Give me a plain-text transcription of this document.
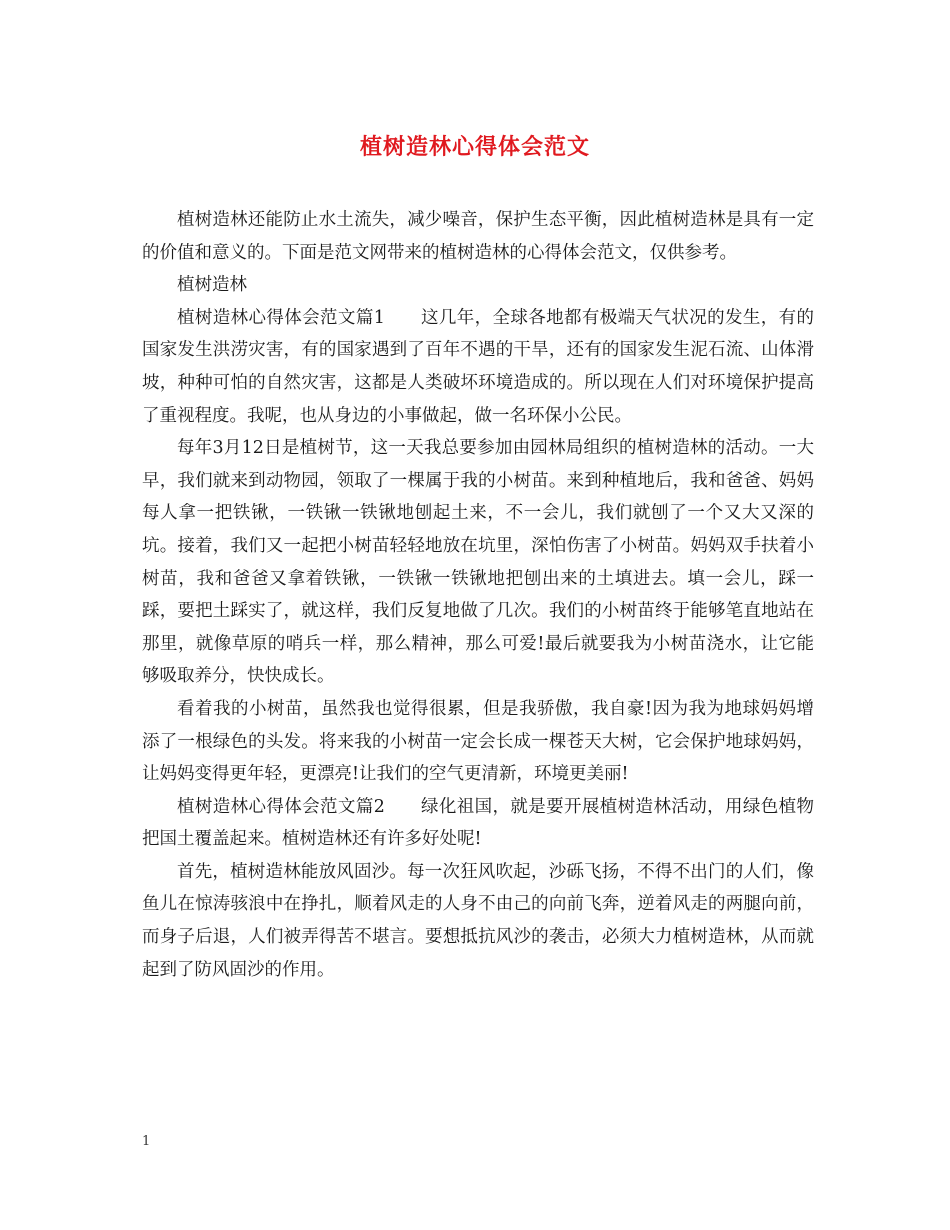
植树造林心得体会范文

植树造林还能防止水土流失，减少噪音，保护生态平衡，因此植树造林是具有一定的价值和意义的。下面是范文网带来的植树造林的心得体会范文，仅供参考。

植树造林

植树造林心得体会范文篇1　　这几年，全球各地都有极端天气状况的发生，有的国家发生洪涝灾害，有的国家遇到了百年不遇的干旱，还有的国家发生泥石流、山体滑坡，种种可怕的自然灾害，这都是人类破坏环境造成的。所以现在人们对环境保护提高了重视程度。我呢，也从身边的小事做起，做一名环保小公民。

每年3月12日是植树节，这一天我总要参加由园林局组织的植树造林的活动。一大早，我们就来到动物园，领取了一棵属于我的小树苗。来到种植地后，我和爸爸、妈妈每人拿一把铁锹，一铁锹一铁锹地刨起土来，不一会儿，我们就刨了一个又大又深的坑。接着，我们又一起把小树苗轻轻地放在坑里，深怕伤害了小树苗。妈妈双手扶着小树苗，我和爸爸又拿着铁锹，一铁锹一铁锹地把刨出来的土填进去。填一会儿，踩一踩，要把土踩实了，就这样，我们反复地做了几次。我们的小树苗终于能够笔直地站在那里，就像草原的哨兵一样，那么精神，那么可爱!最后就要我为小树苗浇水，让它能够吸取养分，快快成长。

看着我的小树苗，虽然我也觉得很累，但是我骄傲，我自豪!因为我为地球妈妈增添了一根绿色的头发。将来我的小树苗一定会长成一棵苍天大树，它会保护地球妈妈，让妈妈变得更年轻，更漂亮!让我们的空气更清新，环境更美丽!

植树造林心得体会范文篇2　　绿化祖国，就是要开展植树造林活动，用绿色植物把国土覆盖起来。植树造林还有许多好处呢!

首先，植树造林能放风固沙。每一次狂风吹起，沙砾飞扬，不得不出门的人们，像鱼儿在惊涛骇浪中在挣扎，顺着风走的人身不由己的向前飞奔，逆着风走的两腿向前，而身子后退，人们被弄得苦不堪言。要想抵抗风沙的袭击，必须大力植树造林，从而就起到了防风固沙的作用。

1
